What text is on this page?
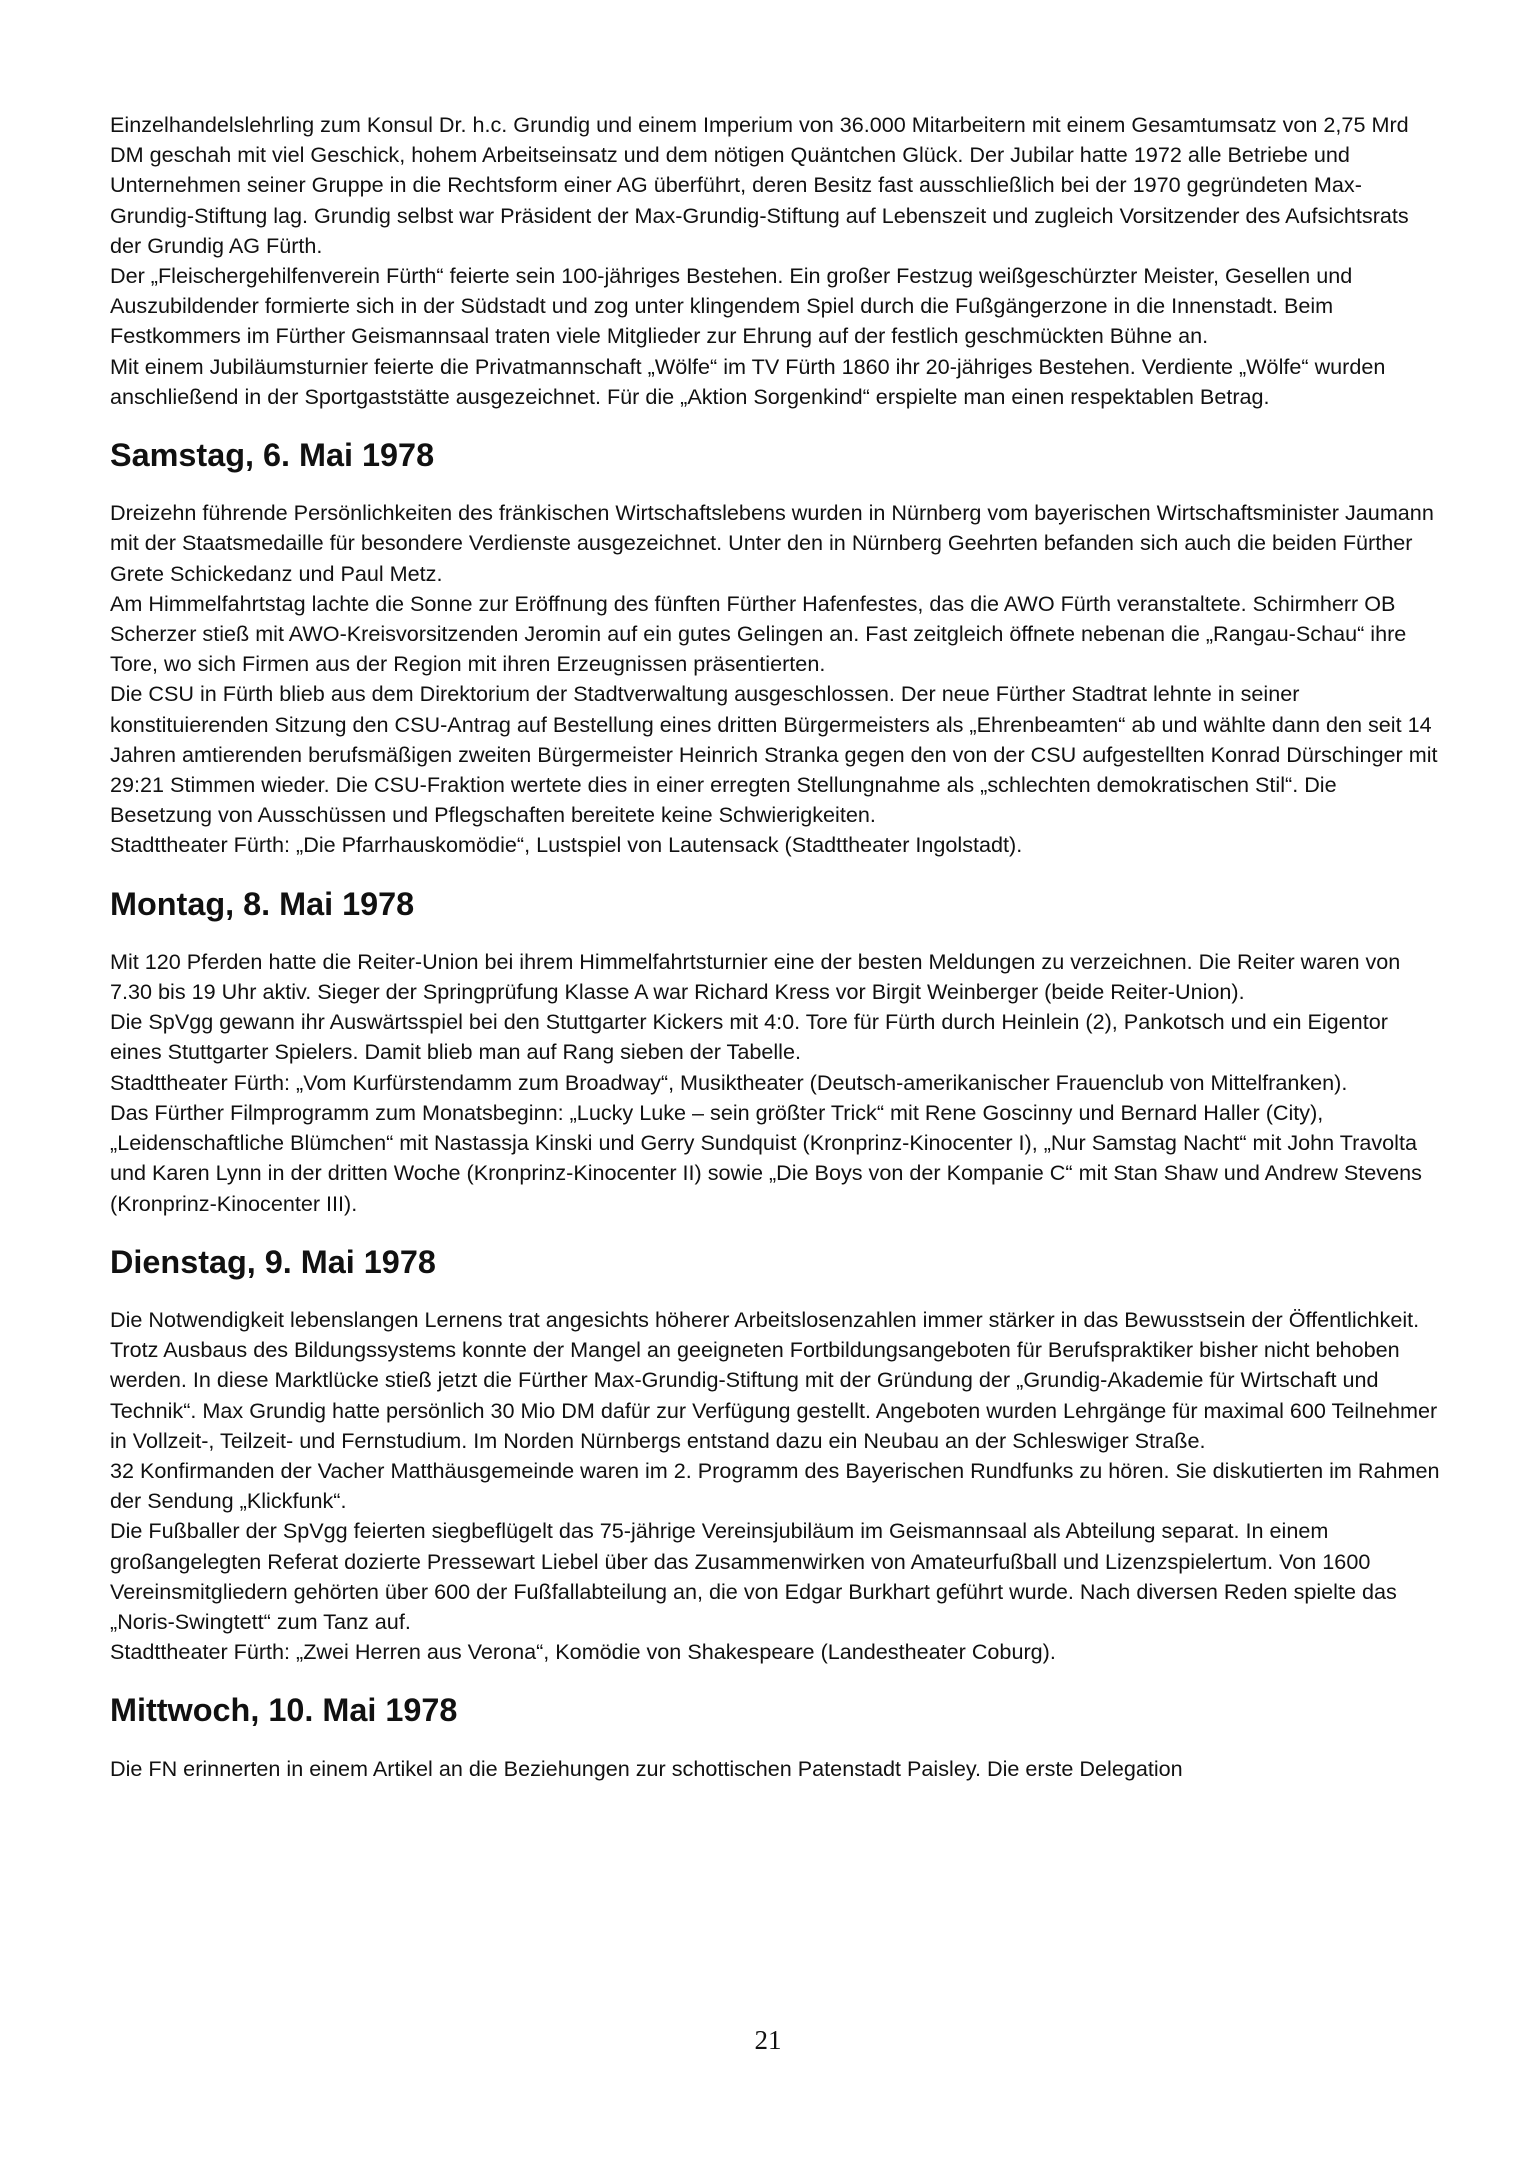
Einzelhandelslehrling zum Konsul Dr. h.c. Grundig und einem Imperium von 36.000 Mitarbeitern mit einem Gesamtumsatz von 2,75 Mrd DM geschah mit viel Geschick, hohem Arbeitseinsatz und dem nötigen Quäntchen Glück. Der Jubilar hatte 1972 alle Betriebe und Unternehmen seiner Gruppe in die Rechtsform einer AG überführt, deren Besitz fast ausschließlich bei der 1970 gegründeten Max-Grundig-Stiftung lag. Grundig selbst war Präsident der Max-Grundig-Stiftung auf Lebenszeit und zugleich Vorsitzender des Aufsichtsrats der Grundig AG Fürth.

Der „Fleischergehilfenverein Fürth“ feierte sein 100-jähriges Bestehen. Ein großer Festzug weißgeschürzter Meister, Gesellen und Auszubildender formierte sich in der Südstadt und zog unter klingendem Spiel durch die Fußgängerzone in die Innenstadt. Beim Festkommers im Fürther Geismannsaal traten viele Mitglieder zur Ehrung auf der festlich geschmückten Bühne an.

Mit einem Jubiläumsturnier feierte die Privatmannschaft „Wölfe“ im TV Fürth 1860 ihr 20-jähriges Bestehen. Verdiente „Wölfe“ wurden anschließend in der Sportgaststätte ausgezeichnet. Für die „Aktion Sorgenkind“ erspielte man einen respektablen Betrag.

Samstag, 6. Mai 1978

Dreizehn führende Persönlichkeiten des fränkischen Wirtschaftslebens wurden in Nürnberg vom bayerischen Wirtschaftsminister Jaumann mit der Staatsmedaille für besondere Verdienste ausgezeichnet. Unter den in Nürnberg Geehrten befanden sich auch die beiden Fürther Grete Schickedanz und Paul Metz.

Am Himmelfahrtstag lachte die Sonne zur Eröffnung des fünften Fürther Hafenfestes, das die AWO Fürth veranstaltete. Schirmherr OB Scherzer stieß mit AWO-Kreisvorsitzenden Jeromin auf ein gutes Gelingen an. Fast zeitgleich öffnete nebenan die „Rangau-Schau“ ihre Tore, wo sich Firmen aus der Region mit ihren Erzeugnissen präsentierten.

Die CSU in Fürth blieb aus dem Direktorium der Stadtverwaltung ausgeschlossen. Der neue Fürther Stadtrat lehnte in seiner konstituierenden Sitzung den CSU-Antrag auf Bestellung eines dritten Bürgermeisters als „Ehrenbeamten“ ab und wählte dann den seit 14 Jahren amtierenden berufsmäßigen zweiten Bürgermeister Heinrich Stranka gegen den von der CSU aufgestellten Konrad Dürschinger mit 29:21 Stimmen wieder. Die CSU-Fraktion wertete dies in einer erregten Stellungnahme als „schlechten demokratischen Stil“. Die Besetzung von Ausschüssen und Pflegschaften bereitete keine Schwierigkeiten.

Stadttheater Fürth: „Die Pfarrhauskomödie“, Lustspiel von Lautensack (Stadttheater Ingolstadt).

Montag, 8. Mai 1978

Mit 120 Pferden hatte die Reiter-Union bei ihrem Himmelfahrtsturnier eine der besten Meldungen zu verzeichnen. Die Reiter waren von 7.30 bis 19 Uhr aktiv. Sieger der Springprüfung Klasse A war Richard Kress vor Birgit Weinberger (beide Reiter-Union).

Die SpVgg gewann ihr Auswärtsspiel bei den Stuttgarter Kickers mit 4:0. Tore für Fürth durch Heinlein (2), Pankotsch und ein Eigentor eines Stuttgarter Spielers. Damit blieb man auf Rang sieben der Tabelle.

Stadttheater Fürth: „Vom Kurfürstendamm zum Broadway“, Musiktheater (Deutsch-amerikanischer Frauenclub von Mittelfranken).

Das Fürther Filmprogramm zum Monatsbeginn: „Lucky Luke – sein größter Trick“ mit Rene Goscinny und Bernard Haller (City), „Leidenschaftliche Blümchen“ mit Nastassja Kinski und Gerry Sundquist (Kronprinz-Kinocenter I), „Nur Samstag Nacht“ mit John Travolta und Karen Lynn in der dritten Woche (Kronprinz-Kinocenter II) sowie „Die Boys von der Kompanie C“ mit Stan Shaw und Andrew Stevens (Kronprinz-Kinocenter III).

Dienstag, 9. Mai 1978

Die Notwendigkeit lebenslangen Lernens trat angesichts höherer Arbeitslosenzahlen immer stärker in das Bewusstsein der Öffentlichkeit. Trotz Ausbaus des Bildungssystems konnte der Mangel an geeigneten Fortbildungsangeboten für Berufspraktiker bisher nicht behoben werden. In diese Marktlücke stieß jetzt die Fürther Max-Grundig-Stiftung mit der Gründung der „Grundig-Akademie für Wirtschaft und Technik“. Max Grundig hatte persönlich 30 Mio DM dafür zur Verfügung gestellt. Angeboten wurden Lehrgänge für maximal 600 Teilnehmer in Vollzeit-, Teilzeit- und Fernstudium. Im Norden Nürnbergs entstand dazu ein Neubau an der Schleswiger Straße.

32 Konfirmanden der Vacher Matthäusgemeinde waren im 2. Programm des Bayerischen Rundfunks zu hören. Sie diskutierten im Rahmen der Sendung „Klickfunk“.

Die Fußballer der SpVgg feierten siegbeflügelt das 75-jährige Vereinsjubiläum im Geismannsaal als Abteilung separat. In einem großangelegten Referat dozierte Pressewart Liebel über das Zusammenwirken von Amateurfußball und Lizenzspielertum. Von 1600 Vereinsmitgliedern gehörten über 600 der Fußfallabteilung an, die von Edgar Burkhart geführt wurde. Nach diversen Reden spielte das „Noris-Swingtett“ zum Tanz auf.

Stadttheater Fürth: „Zwei Herren aus Verona“, Komödie von Shakespeare (Landestheater Coburg).

Mittwoch, 10. Mai 1978

Die FN erinnerten in einem Artikel an die Beziehungen zur schottischen Patenstadt Paisley. Die erste Delegation

21
